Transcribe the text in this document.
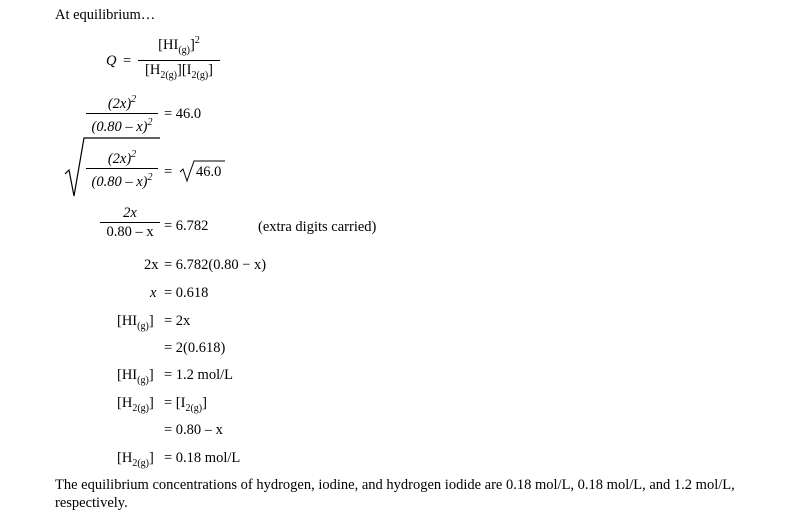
At equilibrium…
Q =
$[HI_{(g)}]^2$
$[H_{2(g)}][I_{2(g)}]$
$(2x)^2$
(0.80 – x)$^2$
= 46.0
$(2x)^2$
(0.80 – x)$^2$ = 46.0
2x
0.80 – x = 6.782	(extra digits carried)
2x = 6.782(0.80 − x)
x = 0.618
$[HI_{(g)}] = 2x$
= 2(0.618)
$[HI_{(g)}] = 1.2$ mol/L
$[H_{2(g)}] = [I_{2(g)}]$
= 0.80 – x
$[H_{2(g)}] = 0.18$ mol/L
The equilibrium concentrations of hydrogen, iodine, and hydrogen iodide are 0.18 mol/L, 0.18 mol/L, and 1.2 mol/L,
respectively.
